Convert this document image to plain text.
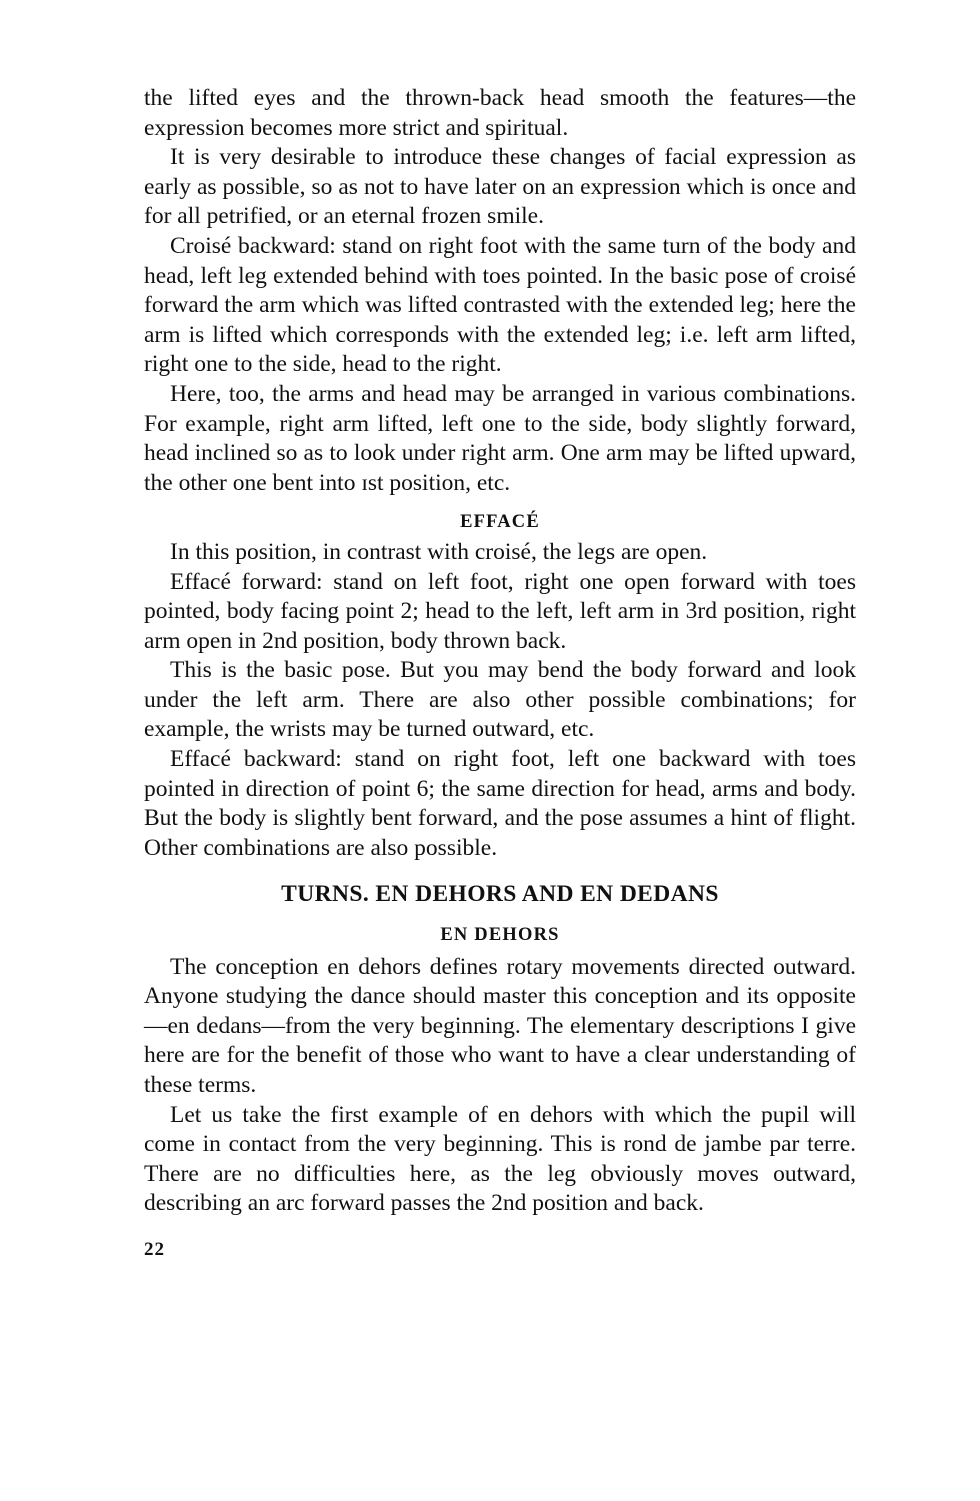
the lifted eyes and the thrown-back head smooth the features—the expression becomes more strict and spiritual.

It is very desirable to introduce these changes of facial expression as early as possible, so as not to have later on an expression which is once and for all petrified, or an eternal frozen smile.

Croisé backward: stand on right foot with the same turn of the body and head, left leg extended behind with toes pointed. In the basic pose of croisé forward the arm which was lifted contrasted with the extended leg; here the arm is lifted which corresponds with the extended leg; i.e. left arm lifted, right one to the side, head to the right.

Here, too, the arms and head may be arranged in various combinations. For example, right arm lifted, left one to the side, body slightly forward, head inclined so as to look under right arm. One arm may be lifted upward, the other one bent into ɪst position, etc.

EFFACÉ

In this position, in contrast with croisé, the legs are open.

Effacé forward: stand on left foot, right one open forward with toes pointed, body facing point 2; head to the left, left arm in 3rd position, right arm open in 2nd position, body thrown back.

This is the basic pose. But you may bend the body forward and look under the left arm. There are also other possible combinations; for example, the wrists may be turned outward, etc.

Effacé backward: stand on right foot, left one backward with toes pointed in direction of point 6; the same direction for head, arms and body. But the body is slightly bent forward, and the pose assumes a hint of flight. Other combinations are also possible.

TURNS. EN DEHORS AND EN DEDANS
EN DEHORS

The conception en dehors defines rotary movements directed outward. Anyone studying the dance should master this conception and its opposite—en dedans—from the very beginning. The elementary descriptions I give here are for the benefit of those who want to have a clear understanding of these terms.

Let us take the first example of en dehors with which the pupil will come in contact from the very beginning. This is rond de jambe par terre. There are no difficulties here, as the leg obviously moves outward, describing an arc forward passes the 2nd position and back.

22
